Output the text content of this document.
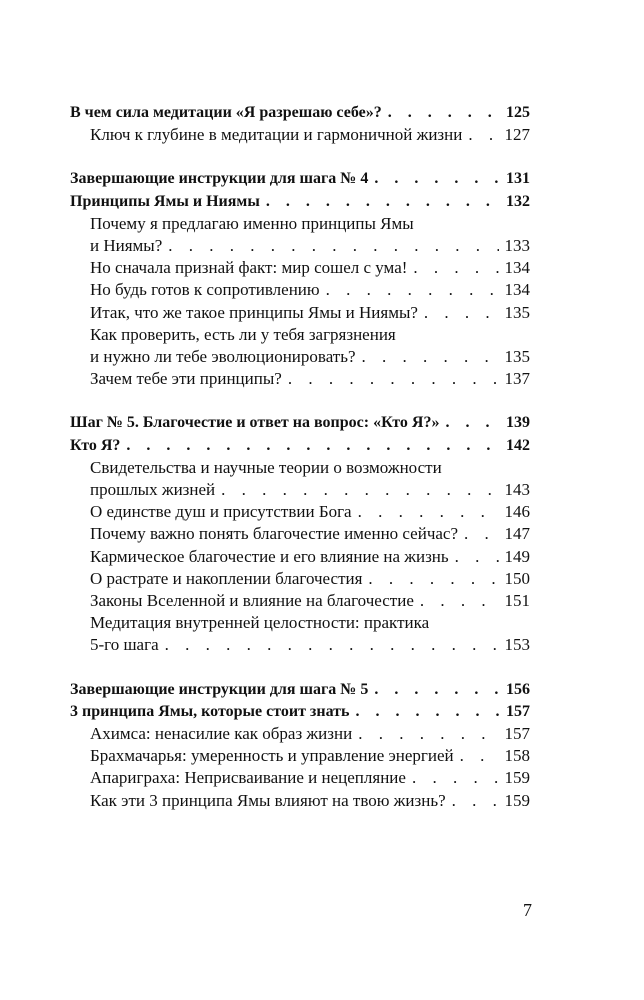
В чем сила медитации «Я разрешаю себе»? . . .	125
Ключ к глубине в медитации и гармоничной жизни . . . 127
Завершающие инструкции для шага № 4 . . .	131
Принципы Ямы и Ниямы . . .	132
Почему я предлагаю именно принципы Ямы
и Ниямы? . . .	133
Но сначала признай факт: мир сошел с ума! . . .	134
Но будь готов к сопротивлению . . .	134
Итак, что же такое принципы Ямы и Ниямы? . . .	135
Как проверить, есть ли у тебя загрязнения
и нужно ли тебе эволюционировать? . . .	135
Зачем тебе эти принципы? . . .	137
Шаг № 5. Благочестие и ответ на вопрос: «Кто Я?» . . .	139
Кто Я? . . .	142
Свидетельства и научные теории о возможности
прошлых жизней . . .	143
О единстве душ и присутствии Бога . . .	146
Почему важно понять благочестие именно сейчас? . . .	147
Кармическое благочестие и его влияние на жизнь . . .	149
О растрате и накоплении благочестия . . .	150
Законы Вселенной и влияние на благочестие . . .	151
Медитация внутренней целостности: практика
5-го шага . . .	153
Завершающие инструкции для шага № 5 . . .	156
3 принципа Ямы, которые стоит знать . . .	157
Ахимса: ненасилие как образ жизни . . .	157
Брахмачарья: умеренность и управление энергией . . .	158
Апариграха: Неприсваивание и нецепляние . . .	159
Как эти 3 принципа Ямы влияют на твою жизнь? . . .	159
7
